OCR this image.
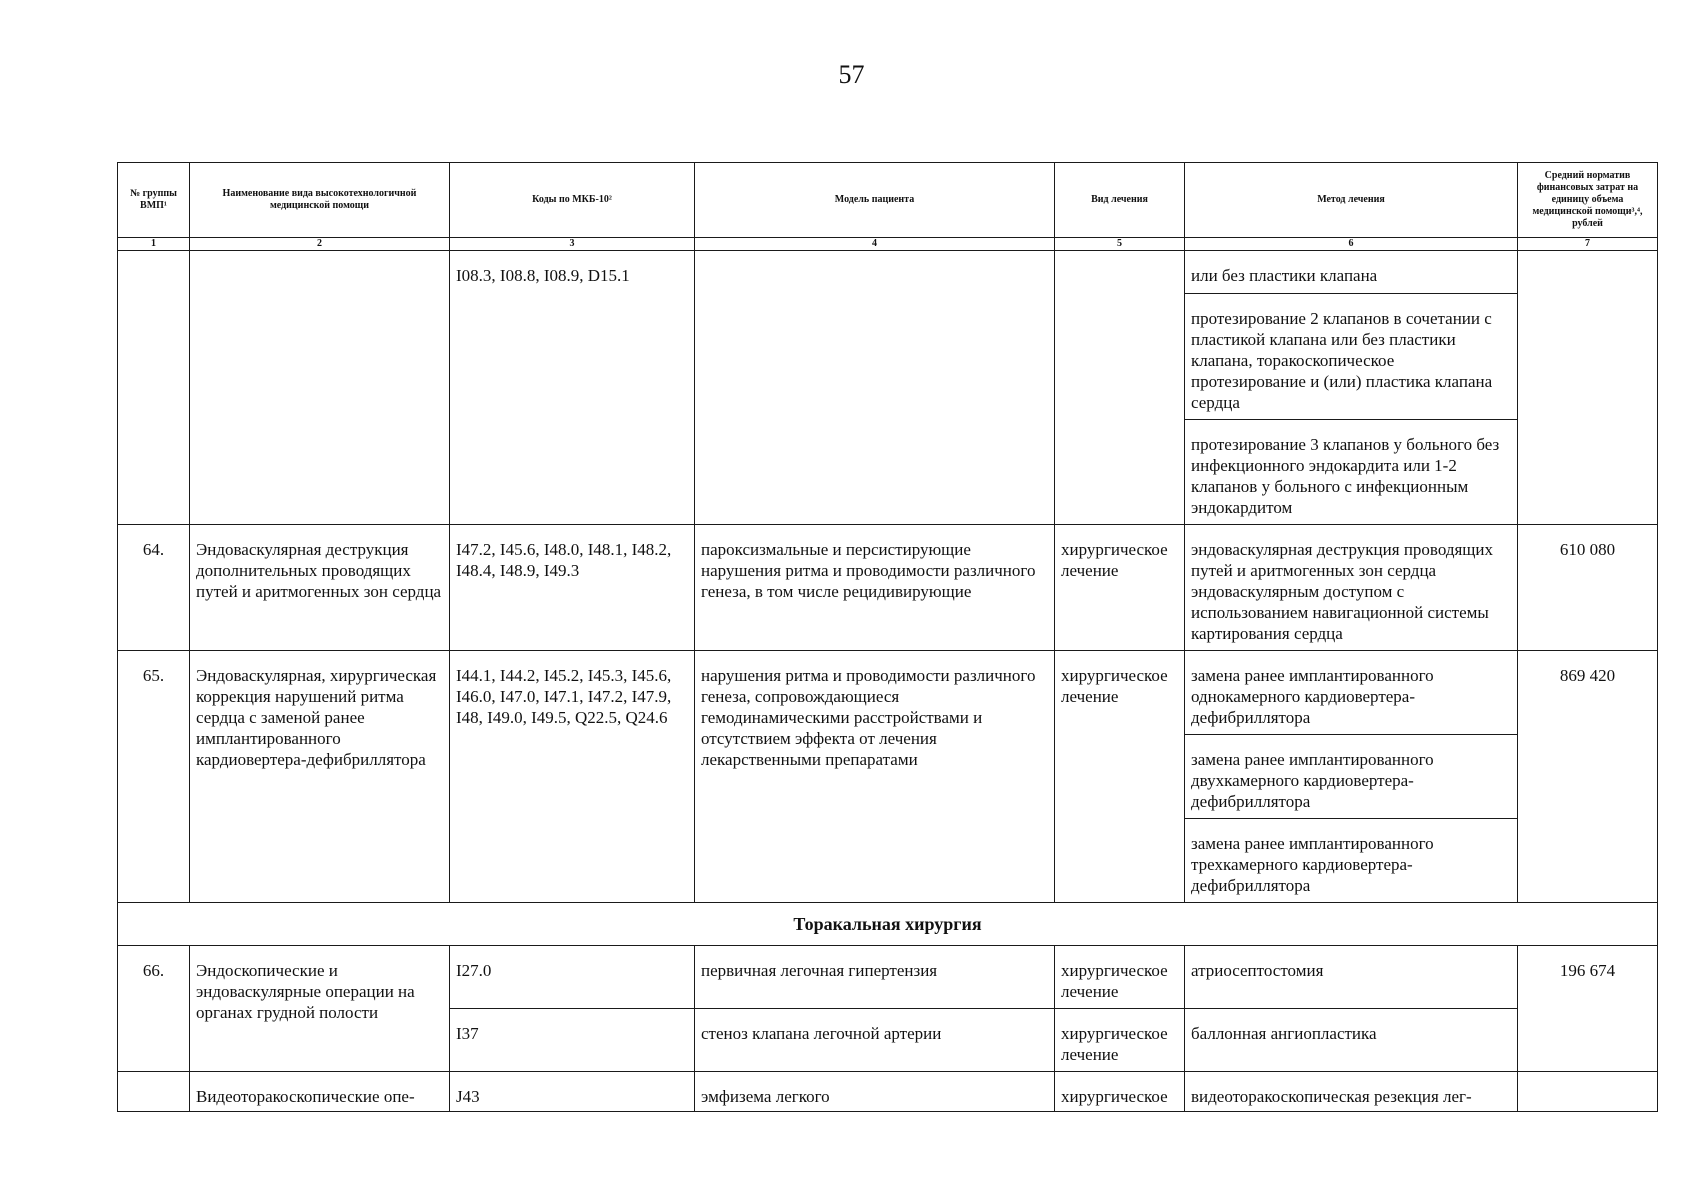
57
№ группы ВМП¹	Наименование вида высокотехнологичной медицинской помощи	Коды по МКБ-10²	Модель пациента	Вид лечения	Метод лечения	Средний норматив финансовых затрат на единицу объема медицинской помощи³,⁴, рублей
1	2	3	4	5	6	7
		I08.3, I08.8, I08.9, D15.1			или без пластики клапана	
					протезирование 2 клапанов в сочетании с пластикой клапана или без пластики клапана, торакоскопическое протезирование и (или) пластика клапана сердца	
					протезирование 3 клапанов у больного без инфекционного эндокардита или 1-2 клапанов у больного с инфекционным эндокардитом	
64.	Эндоваскулярная деструкция дополнительных проводящих путей и аритмогенных зон сердца	I47.2, I45.6, I48.0, I48.1, I48.2, I48.4, I48.9, I49.3	пароксизмальные и персистирующие нарушения ритма и проводимости различного генеза, в том числе рецидивирующие	хирургическое лечение	эндоваскулярная деструкция проводящих путей и аритмогенных зон сердца эндоваскулярным доступом с использованием навигационной системы картирования сердца	610 080
65.	Эндоваскулярная, хирургическая коррекция нарушений ритма сердца с заменой ранее имплантированного кардиовертера-дефибриллятора	I44.1, I44.2, I45.2, I45.3, I45.6, I46.0, I47.0, I47.1, I47.2, I47.9, I48, I49.0, I49.5, Q22.5, Q24.6	нарушения ритма и проводимости различного генеза, сопровождающиеся гемодинамическими расстройствами и отсутствием эффекта от лечения лекарственными препаратами	хирургическое лечение	замена ранее имплантированного однокамерного кардиовертера-дефибриллятора	869 420
					замена ранее имплантированного двухкамерного кардиовертера-дефибриллятора	
					замена ранее имплантированного трехкамерного кардиовертера-дефибриллятора	
Торакальная хирургия						
66.	Эндоскопические и эндоваскулярные операции на органах грудной полости	I27.0	первичная легочная гипертензия	хирургическое лечение	атриосептостомия	196 674
		I37	стеноз клапана легочной артерии	хирургическое лечение	баллонная ангиопластика	
	Видеоторакоскопические опе-	J43	эмфизема легкого	хирургическое	видеоторакоскопическая резекция лег-	
